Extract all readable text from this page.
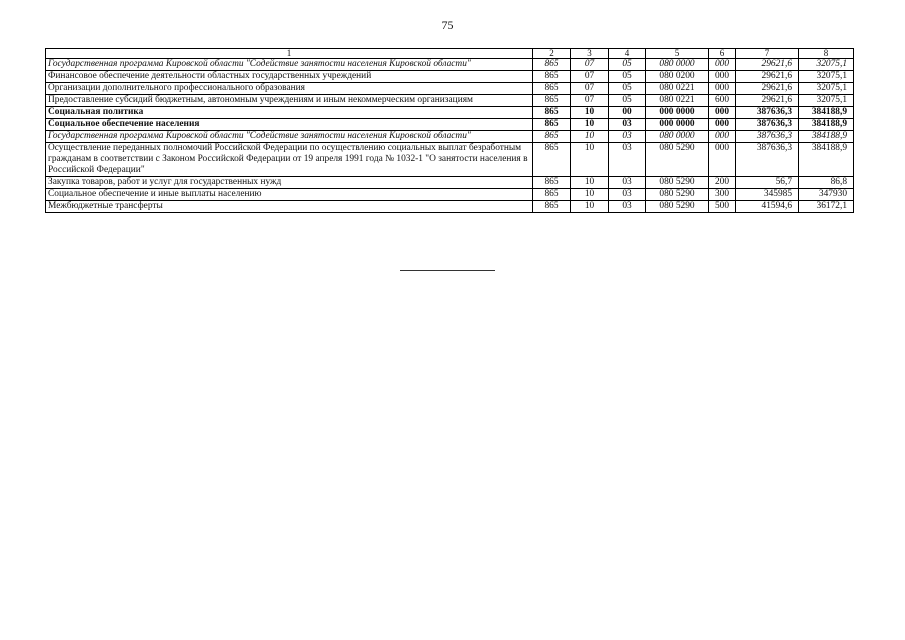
75
1	2	3	4	5	6	7	8
Государственная программа Кировской области "Содействие занятости населения Кировской области"	865	07	05	080 0000	000	29621,6	32075,1
Финансовое обеспечение деятельности областных государственных учреждений	865	07	05	080 0200	000	29621,6	32075,1
Организации дополнительного профессионального образования	865	07	05	080 0221	000	29621,6	32075,1
Предоставление субсидий бюджетным, автономным учреждениям и иным некоммерческим организациям	865	07	05	080 0221	600	29621,6	32075,1
Социальная политика	865	10	00	000 0000	000	387636,3	384188,9
Социальное обеспечение населения	865	10	03	000 0000	000	387636,3	384188,9
Государственная программа Кировской области "Содействие занятости населения Кировской области"	865	10	03	080 0000	000	387636,3	384188,9
Осуществление переданных полномочий Российской Федерации по осуществлению социальных выплат безработным гражданам в соответствии с Законом Российской Федерации от 19 апреля 1991 года № 1032-1 "О занятости населения в Российской Федерации"	865	10	03	080 5290	000	387636,3	384188,9
Закупка товаров, работ и услуг для государственных нужд	865	10	03	080 5290	200	56,7	86,8
Социальное обеспечение и иные выплаты населению	865	10	03	080 5290	300	345985	347930
Межбюджетные трансферты	865	10	03	080 5290	500	41594,6	36172,1
